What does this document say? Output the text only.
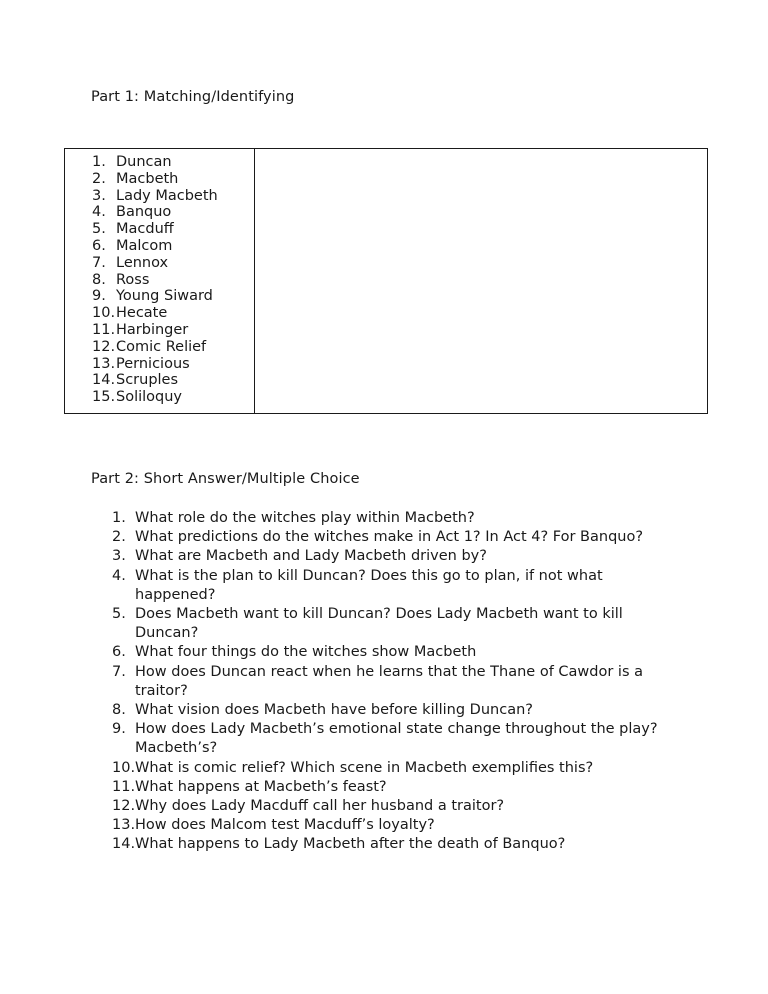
Part 1: Matching/Identifying
1. Duncan
2. Macbeth
3. Lady Macbeth
4. Banquo
5. Macduff
6. Malcom
7. Lennox
8. Ross
9. Young Siward
10. Hecate
11. Harbinger
12. Comic Relief
13. Pernicious
14. Scruples
15. Soliloquy
Part 2: Short Answer/Multiple Choice
1. What role do the witches play within Macbeth?
2. What predictions do the witches make in Act 1? In Act 4? For Banquo?
3. What are Macbeth and Lady Macbeth driven by?
4. What is the plan to kill Duncan? Does this go to plan, if not what happened?
5. Does Macbeth want to kill Duncan? Does Lady Macbeth want to kill Duncan?
6. What four things do the witches show Macbeth
7. How does Duncan react when he learns that the Thane of Cawdor is a traitor?
8. What vision does Macbeth have before killing Duncan?
9. How does Lady Macbeth’s emotional state change throughout the play? Macbeth’s?
10. What is comic relief? Which scene in Macbeth exemplifies this?
11. What happens at Macbeth’s feast?
12. Why does Lady Macduff call her husband a traitor?
13. How does Malcom test Macduff’s loyalty?
14. What happens to Lady Macbeth after the death of Banquo?
